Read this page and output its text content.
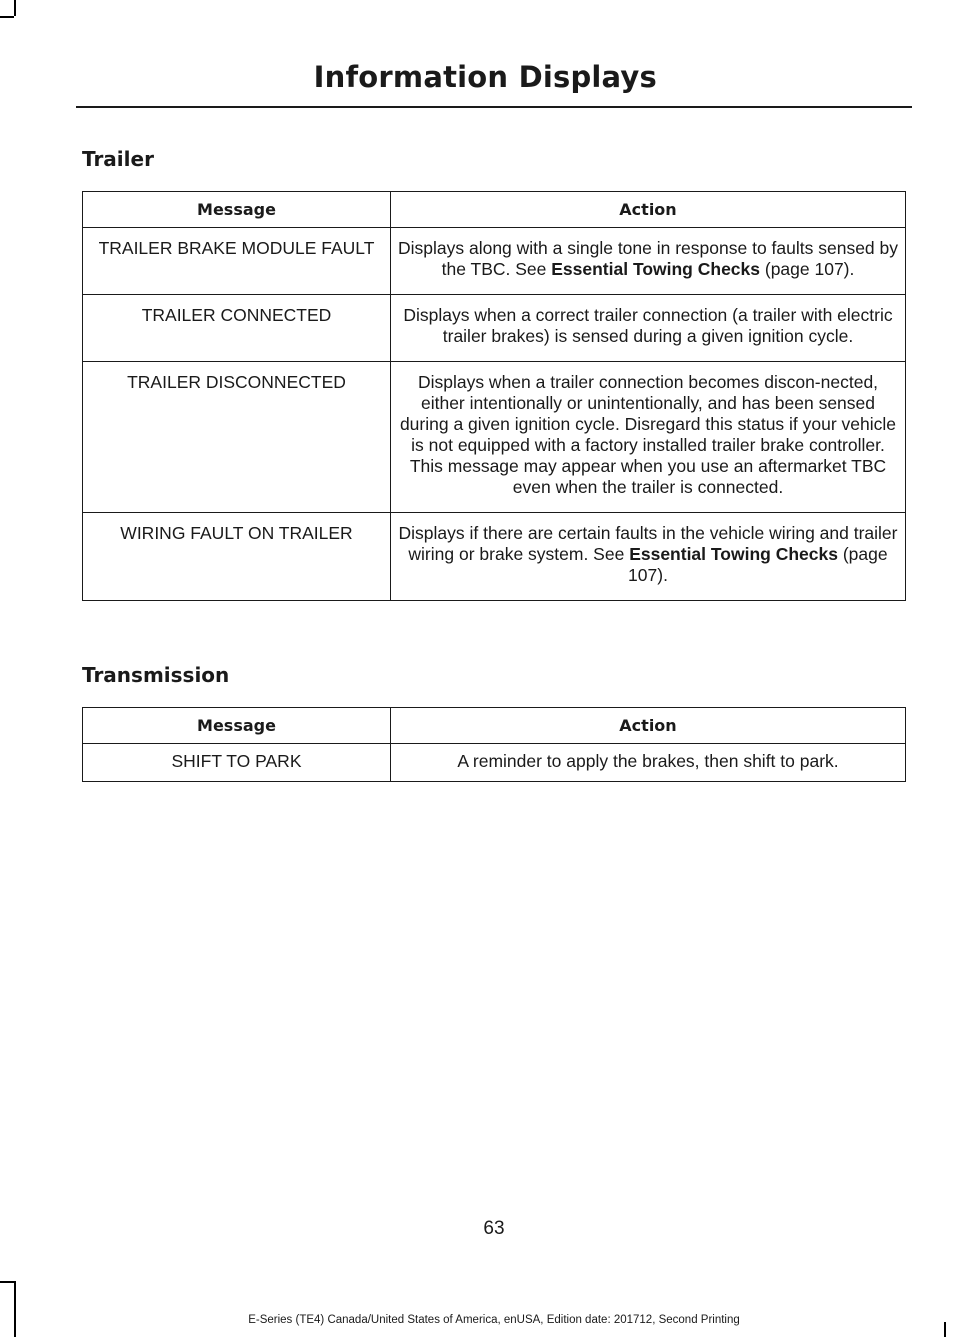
Information Displays
Trailer
Message	Action
TRAILER BRAKE MODULE FAULT	Displays along with a single tone in response to faults sensed by the TBC. See Essential Towing Checks (page 107).
TRAILER CONNECTED	Displays when a correct trailer connection (a trailer with electric trailer brakes) is sensed during a given ignition cycle.
TRAILER DISCONNECTED	Displays when a trailer connection becomes discon-nected, either intentionally or unintentionally, and has been sensed during a given ignition cycle. Disregard this status if your vehicle is not equipped with a factory installed trailer brake controller. This message may appear when you use an aftermarket TBC even when the trailer is connected.
WIRING FAULT ON TRAILER	Displays if there are certain faults in the vehicle wiring and trailer wiring or brake system. See Essential Towing Checks (page 107).
Transmission
Message	Action
SHIFT TO PARK	A reminder to apply the brakes, then shift to park.
63
E-Series (TE4) Canada/United States of America, enUSA, Edition date: 201712, Second Printing
